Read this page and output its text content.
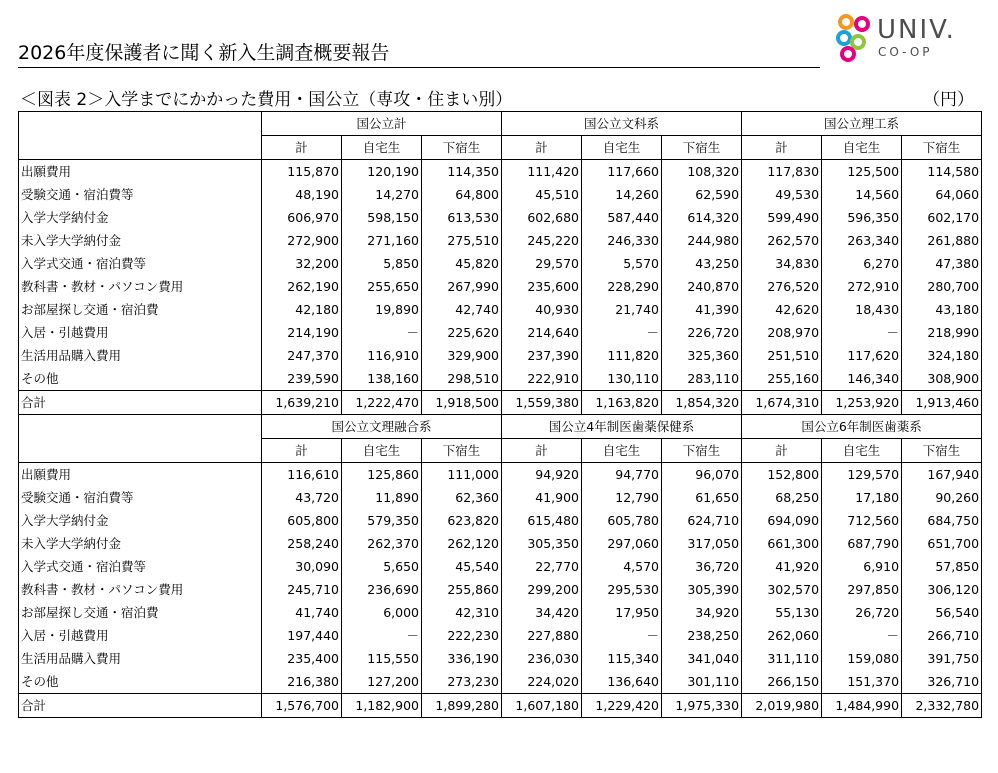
2026年度保護者に聞く新入生調査概要報告
UNIV.
CO-OP
＜図表 2＞入学までにかかった費用・国公立（専攻・住まい別）	（円）
	国公立計			国公立文科系			国公立理工系		
	計	自宅生	下宿生	計	自宅生	下宿生	計	自宅生	下宿生
出願費用	115,870	120,190	114,350	111,420	117,660	108,320	117,830	125,500	114,580
受験交通・宿泊費等	48,190	14,270	64,800	45,510	14,260	62,590	49,530	14,560	64,060
入学大学納付金	606,970	598,150	613,530	602,680	587,440	614,320	599,490	596,350	602,170
未入学大学納付金	272,900	271,160	275,510	245,220	246,330	244,980	262,570	263,340	261,880
入学式交通・宿泊費等	32,200	5,850	45,820	29,570	5,570	43,250	34,830	6,270	47,380
教科書・教材・パソコン費用	262,190	255,650	267,990	235,600	228,290	240,870	276,520	272,910	280,700
お部屋探し交通・宿泊費	42,180	19,890	42,740	40,930	21,740	41,390	42,620	18,430	43,180
入居・引越費用	214,190	－	225,620	214,640	－	226,720	208,970	－	218,990
生活用品購入費用	247,370	116,910	329,900	237,390	111,820	325,360	251,510	117,620	324,180
その他	239,590	138,160	298,510	222,910	130,110	283,110	255,160	146,340	308,900
合計	1,639,210	1,222,470	1,918,500	1,559,380	1,163,820	1,854,320	1,674,310	1,253,920	1,913,460
	国公立文理融合系			国公立4年制医歯薬保健系			国公立6年制医歯薬系		
	計	自宅生	下宿生	計	自宅生	下宿生	計	自宅生	下宿生
出願費用	116,610	125,860	111,000	94,920	94,770	96,070	152,800	129,570	167,940
受験交通・宿泊費等	43,720	11,890	62,360	41,900	12,790	61,650	68,250	17,180	90,260
入学大学納付金	605,800	579,350	623,820	615,480	605,780	624,710	694,090	712,560	684,750
未入学大学納付金	258,240	262,370	262,120	305,350	297,060	317,050	661,300	687,790	651,700
入学式交通・宿泊費等	30,090	5,650	45,540	22,770	4,570	36,720	41,920	6,910	57,850
教科書・教材・パソコン費用	245,710	236,690	255,860	299,200	295,530	305,390	302,570	297,850	306,120
お部屋探し交通・宿泊費	41,740	6,000	42,310	34,420	17,950	34,920	55,130	26,720	56,540
入居・引越費用	197,440	－	222,230	227,880	－	238,250	262,060	－	266,710
生活用品購入費用	235,400	115,550	336,190	236,030	115,340	341,040	311,110	159,080	391,750
その他	216,380	127,200	273,230	224,020	136,640	301,110	266,150	151,370	326,710
合計	1,576,700	1,182,900	1,899,280	1,607,180	1,229,420	1,975,330	2,019,980	1,484,990	2,332,780
